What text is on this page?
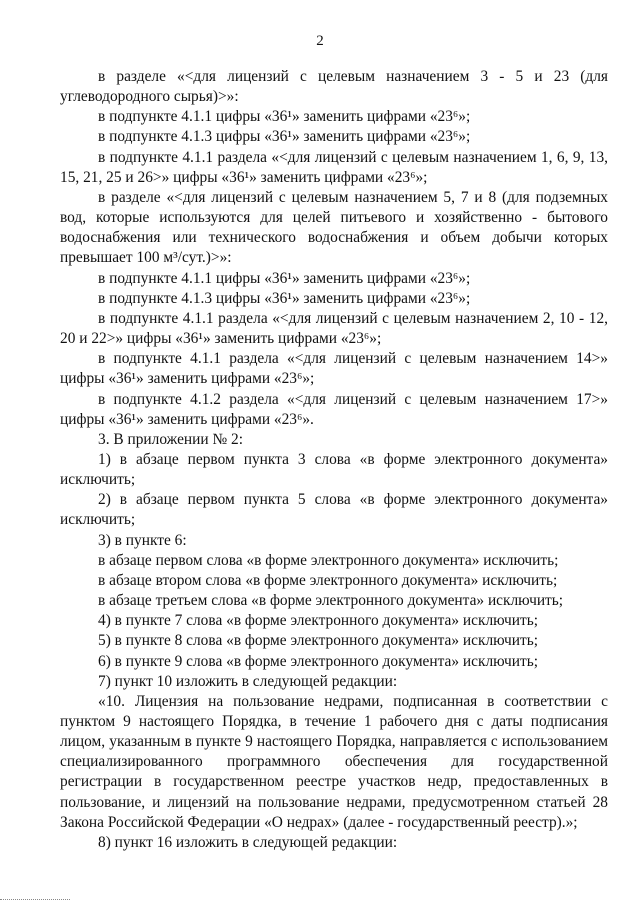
2

в разделе «<для лицензий с целевым назначением 3 - 5 и 23 (для углеводородного сырья)>»:

в подпункте 4.1.1 цифры «36¹» заменить цифрами «23⁶»;

в подпункте 4.1.3 цифры «36¹» заменить цифрами «23⁶»;

в подпункте 4.1.1 раздела «<для лицензий с целевым назначением 1, 6, 9, 13, 15, 21, 25 и 26>» цифры «36¹» заменить цифрами «23⁶»;

в разделе «<для лицензий с целевым назначением 5, 7 и 8 (для подземных вод, которые используются для целей питьевого и хозяйственно - бытового водоснабжения или технического водоснабжения и объем добычи которых превышает 100 м³/сут.)>»:

в подпункте 4.1.1 цифры «36¹» заменить цифрами «23⁶»;

в подпункте 4.1.3 цифры «36¹» заменить цифрами «23⁶»;

в подпункте 4.1.1 раздела «<для лицензий с целевым назначением 2, 10 - 12, 20 и 22>» цифры «36¹» заменить цифрами «23⁶»;

в подпункте 4.1.1 раздела «<для лицензий с целевым назначением 14>» цифры «36¹» заменить цифрами «23⁶»;

в подпункте 4.1.2 раздела «<для лицензий с целевым назначением 17>» цифры «36¹» заменить цифрами «23⁶».

3. В приложении № 2:

1) в абзаце первом пункта 3 слова «в форме электронного документа» исключить;

2) в абзаце первом пункта 5 слова «в форме электронного документа» исключить;

3) в пункте 6:

в абзаце первом слова «в форме электронного документа» исключить;

в абзаце втором слова «в форме электронного документа» исключить;

в абзаце третьем слова «в форме электронного документа» исключить;

4) в пункте 7 слова «в форме электронного документа» исключить;

5) в пункте 8 слова «в форме электронного документа» исключить;

6) в пункте 9 слова «в форме электронного документа» исключить;

7) пункт 10 изложить в следующей редакции:

«10. Лицензия на пользование недрами, подписанная в соответствии с пунктом 9 настоящего Порядка, в течение 1 рабочего дня с даты подписания лицом, указанным в пункте 9 настоящего Порядка, направляется с использованием специализированного программного обеспечения для государственной регистрации в государственном реестре участков недр, предоставленных в пользование, и лицензий на пользование недрами, предусмотренном статьей 28 Закона Российской Федерации «О недрах» (далее - государственный реестр).»;

8) пункт 16 изложить в следующей редакции:
